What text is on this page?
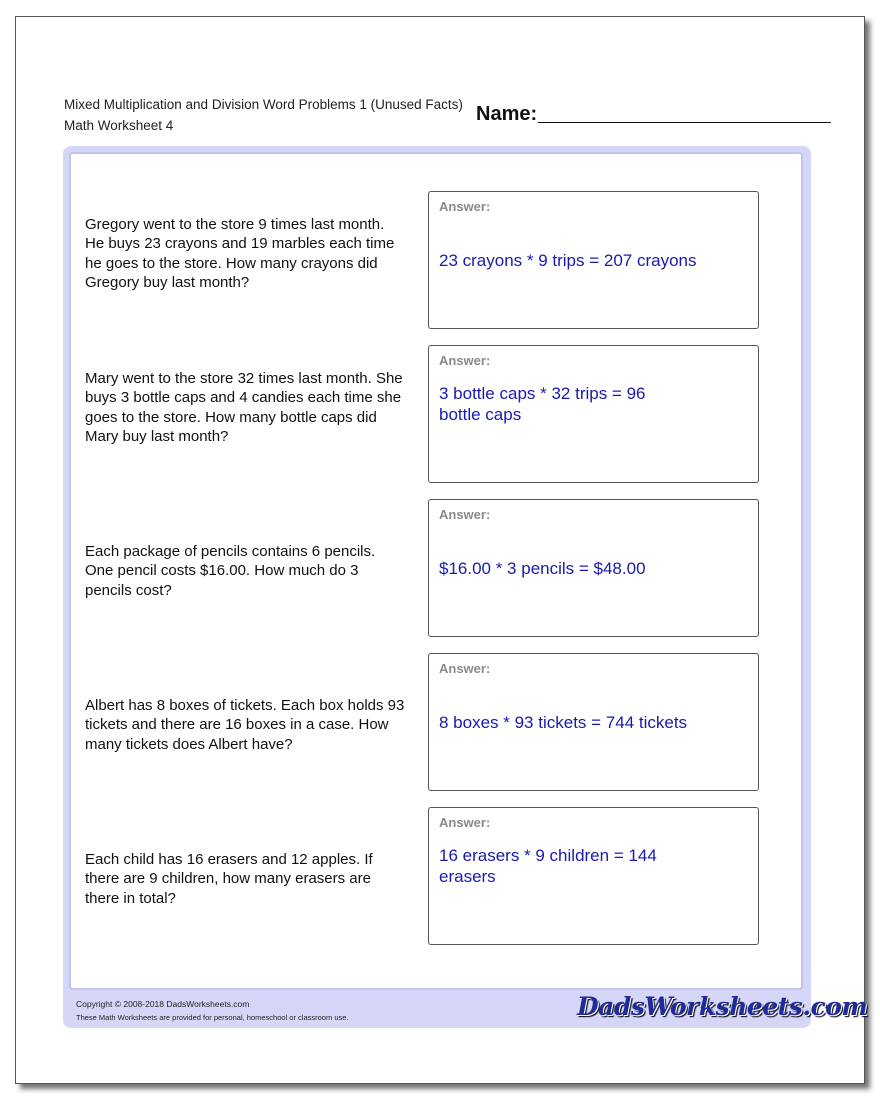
Mixed Multiplication and Division Word Problems 1 (Unused Facts)
Math Worksheet 4
Name:
Gregory went to the store 9 times last month. He buys 23 crayons and 19 marbles each time he goes to the store. How many crayons did Gregory buy last month?
Answer:
23 crayons * 9 trips = 207 crayons
Mary went to the store 32 times last month. She buys 3 bottle caps and 4 candies each time she goes to the store. How many bottle caps did Mary buy last month?
Answer:
3 bottle caps * 32 trips = 96 bottle caps
Each package of pencils contains 6 pencils. One pencil costs $16.00. How much do 3 pencils cost?
Answer:
$16.00 * 3 pencils = $48.00
Albert has 8 boxes of tickets. Each box holds 93 tickets and there are 16 boxes in a case. How many tickets does Albert have?
Answer:
8 boxes * 93 tickets = 744 tickets
Each child has 16 erasers and 12 apples. If there are 9 children, how many erasers are there in total?
Answer:
16 erasers * 9 children = 144 erasers
Copyright © 2008-2018 DadsWorksheets.com
These Math Worksheets are provided for personal, homeschool or classroom use.	DadsWorksheets.com
